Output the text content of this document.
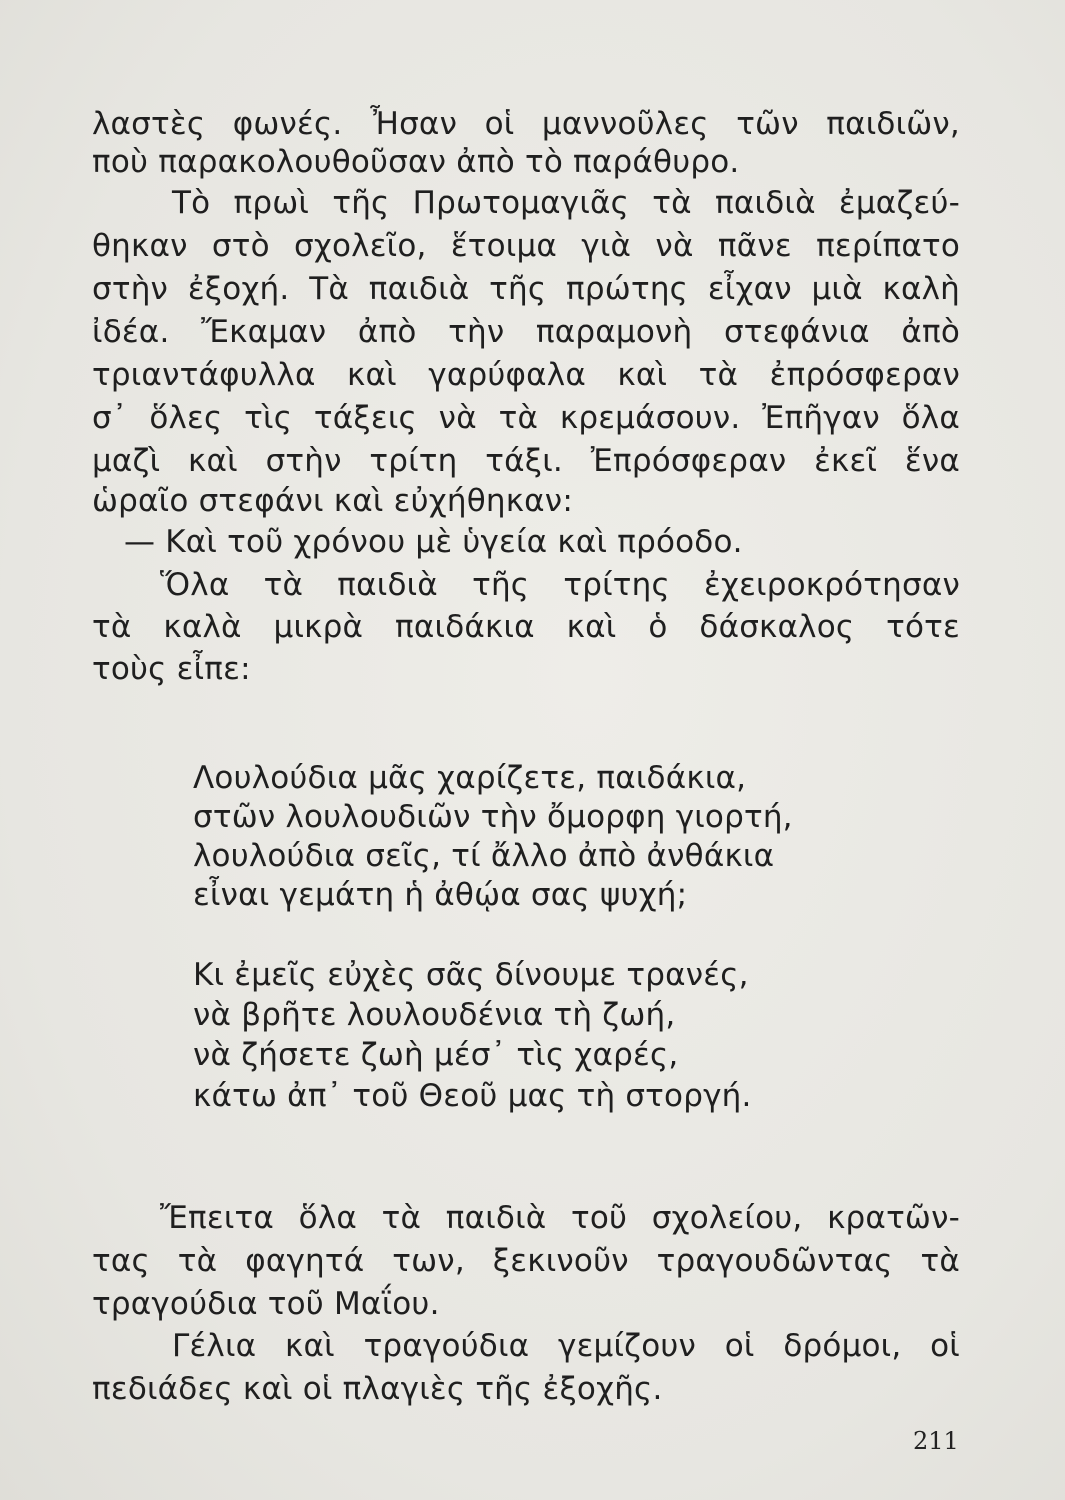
λαστὲς φωνές. Ἦσαν οἱ μαννοῦλες τῶν παιδιῶν,
ποὺ παρακολουθοῦσαν ἀπὸ τὸ παράθυρο.
Τὸ πρωὶ τῆς Πρωτομαγιᾶς τὰ παιδιὰ ἐμαζεύ-
θηκαν στὸ σχολεῖο, ἕτοιμα γιὰ νὰ πᾶνε περίπατο
στὴν ἐξοχή. Τὰ παιδιὰ τῆς πρώτης εἶχαν μιὰ καλὴ
ἰδέα. Ἔκαμαν ἀπὸ τὴν παραμονὴ στεφάνια ἀπὸ
τριαντάφυλλα καὶ γαρύφαλα καὶ τὰ ἐπρόσφεραν
σ᾽ ὅλες τὶς τάξεις νὰ τὰ κρεμάσουν. Ἐπῆγαν ὅλα
μαζὶ καὶ στὴν τρίτη τάξι. Ἐπρόσφεραν ἐκεῖ ἕνα
ὡραῖο στεφάνι καὶ εὐχήθηκαν:
— Καὶ τοῦ χρόνου μὲ ὑγεία καὶ πρόοδο.
Ὅλα τὰ παιδιὰ τῆς τρίτης ἐχειροκρότησαν
τὰ καλὰ μικρὰ παιδάκια καὶ ὁ δάσκαλος τότε
τοὺς εἶπε:
Λουλούδια μᾶς χαρίζετε, παιδάκια,
στῶν λουλουδιῶν τὴν ὄμορφη γιορτή,
λουλούδια σεῖς, τί ἄλλο ἀπὸ ἀνθάκια
εἶναι γεμάτη ἡ ἀθῴα σας ψυχή;
Κι ἐμεῖς εὐχὲς σᾶς δίνουμε τρανές,
νὰ βρῆτε λουλουδένια τὴ ζωή,
νὰ ζήσετε ζωὴ μέσ᾽ τὶς χαρές,
κάτω ἀπ᾽ τοῦ Θεοῦ μας τὴ στοργή.
Ἔπειτα ὅλα τὰ παιδιὰ τοῦ σχολείου, κρατῶν-
τας τὰ φαγητά των, ξεκινοῦν τραγουδῶντας τὰ
τραγούδια τοῦ Μαΐου.
Γέλια καὶ τραγούδια γεμίζουν οἱ δρόμοι, οἱ
πεδιάδες καὶ οἱ πλαγιὲς τῆς ἐξοχῆς.
211
